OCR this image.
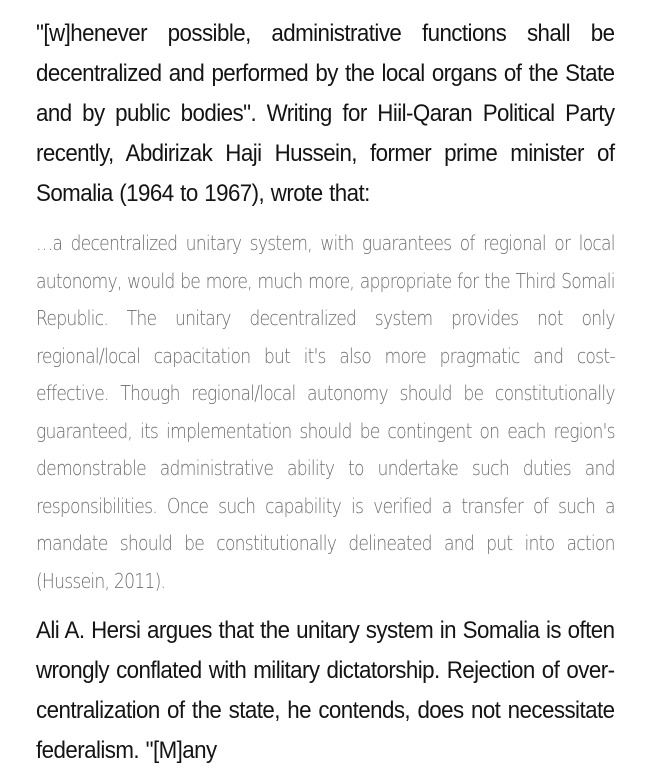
"[w]henever possible, administrative functions shall be decentralized and performed by the local organs of the State and by public bodies". Writing for Hiil-Qaran Political Party recently, Abdirizak Haji Hussein, former prime minister of Somalia (1964 to 1967), wrote that:

…a decentralized unitary system, with guarantees of regional or local autonomy, would be more, much more, appropriate for the Third Somali Republic. The unitary decentralized system provides not only regional/local capacitation but it's also more pragmatic and cost-effective. Though regional/local autonomy should be constitutionally guaranteed, its implementation should be contingent on each region's demonstrable administrative ability to undertake such duties and responsibilities. Once such capability is verified a transfer of such a mandate should be constitutionally delineated and put into action (Hussein, 2011).

Ali A. Hersi argues that the unitary system in Somalia is often wrongly conflated with military dictatorship. Rejection of over-centralization of the state, he contends, does not necessitate federalism. "[M]any
